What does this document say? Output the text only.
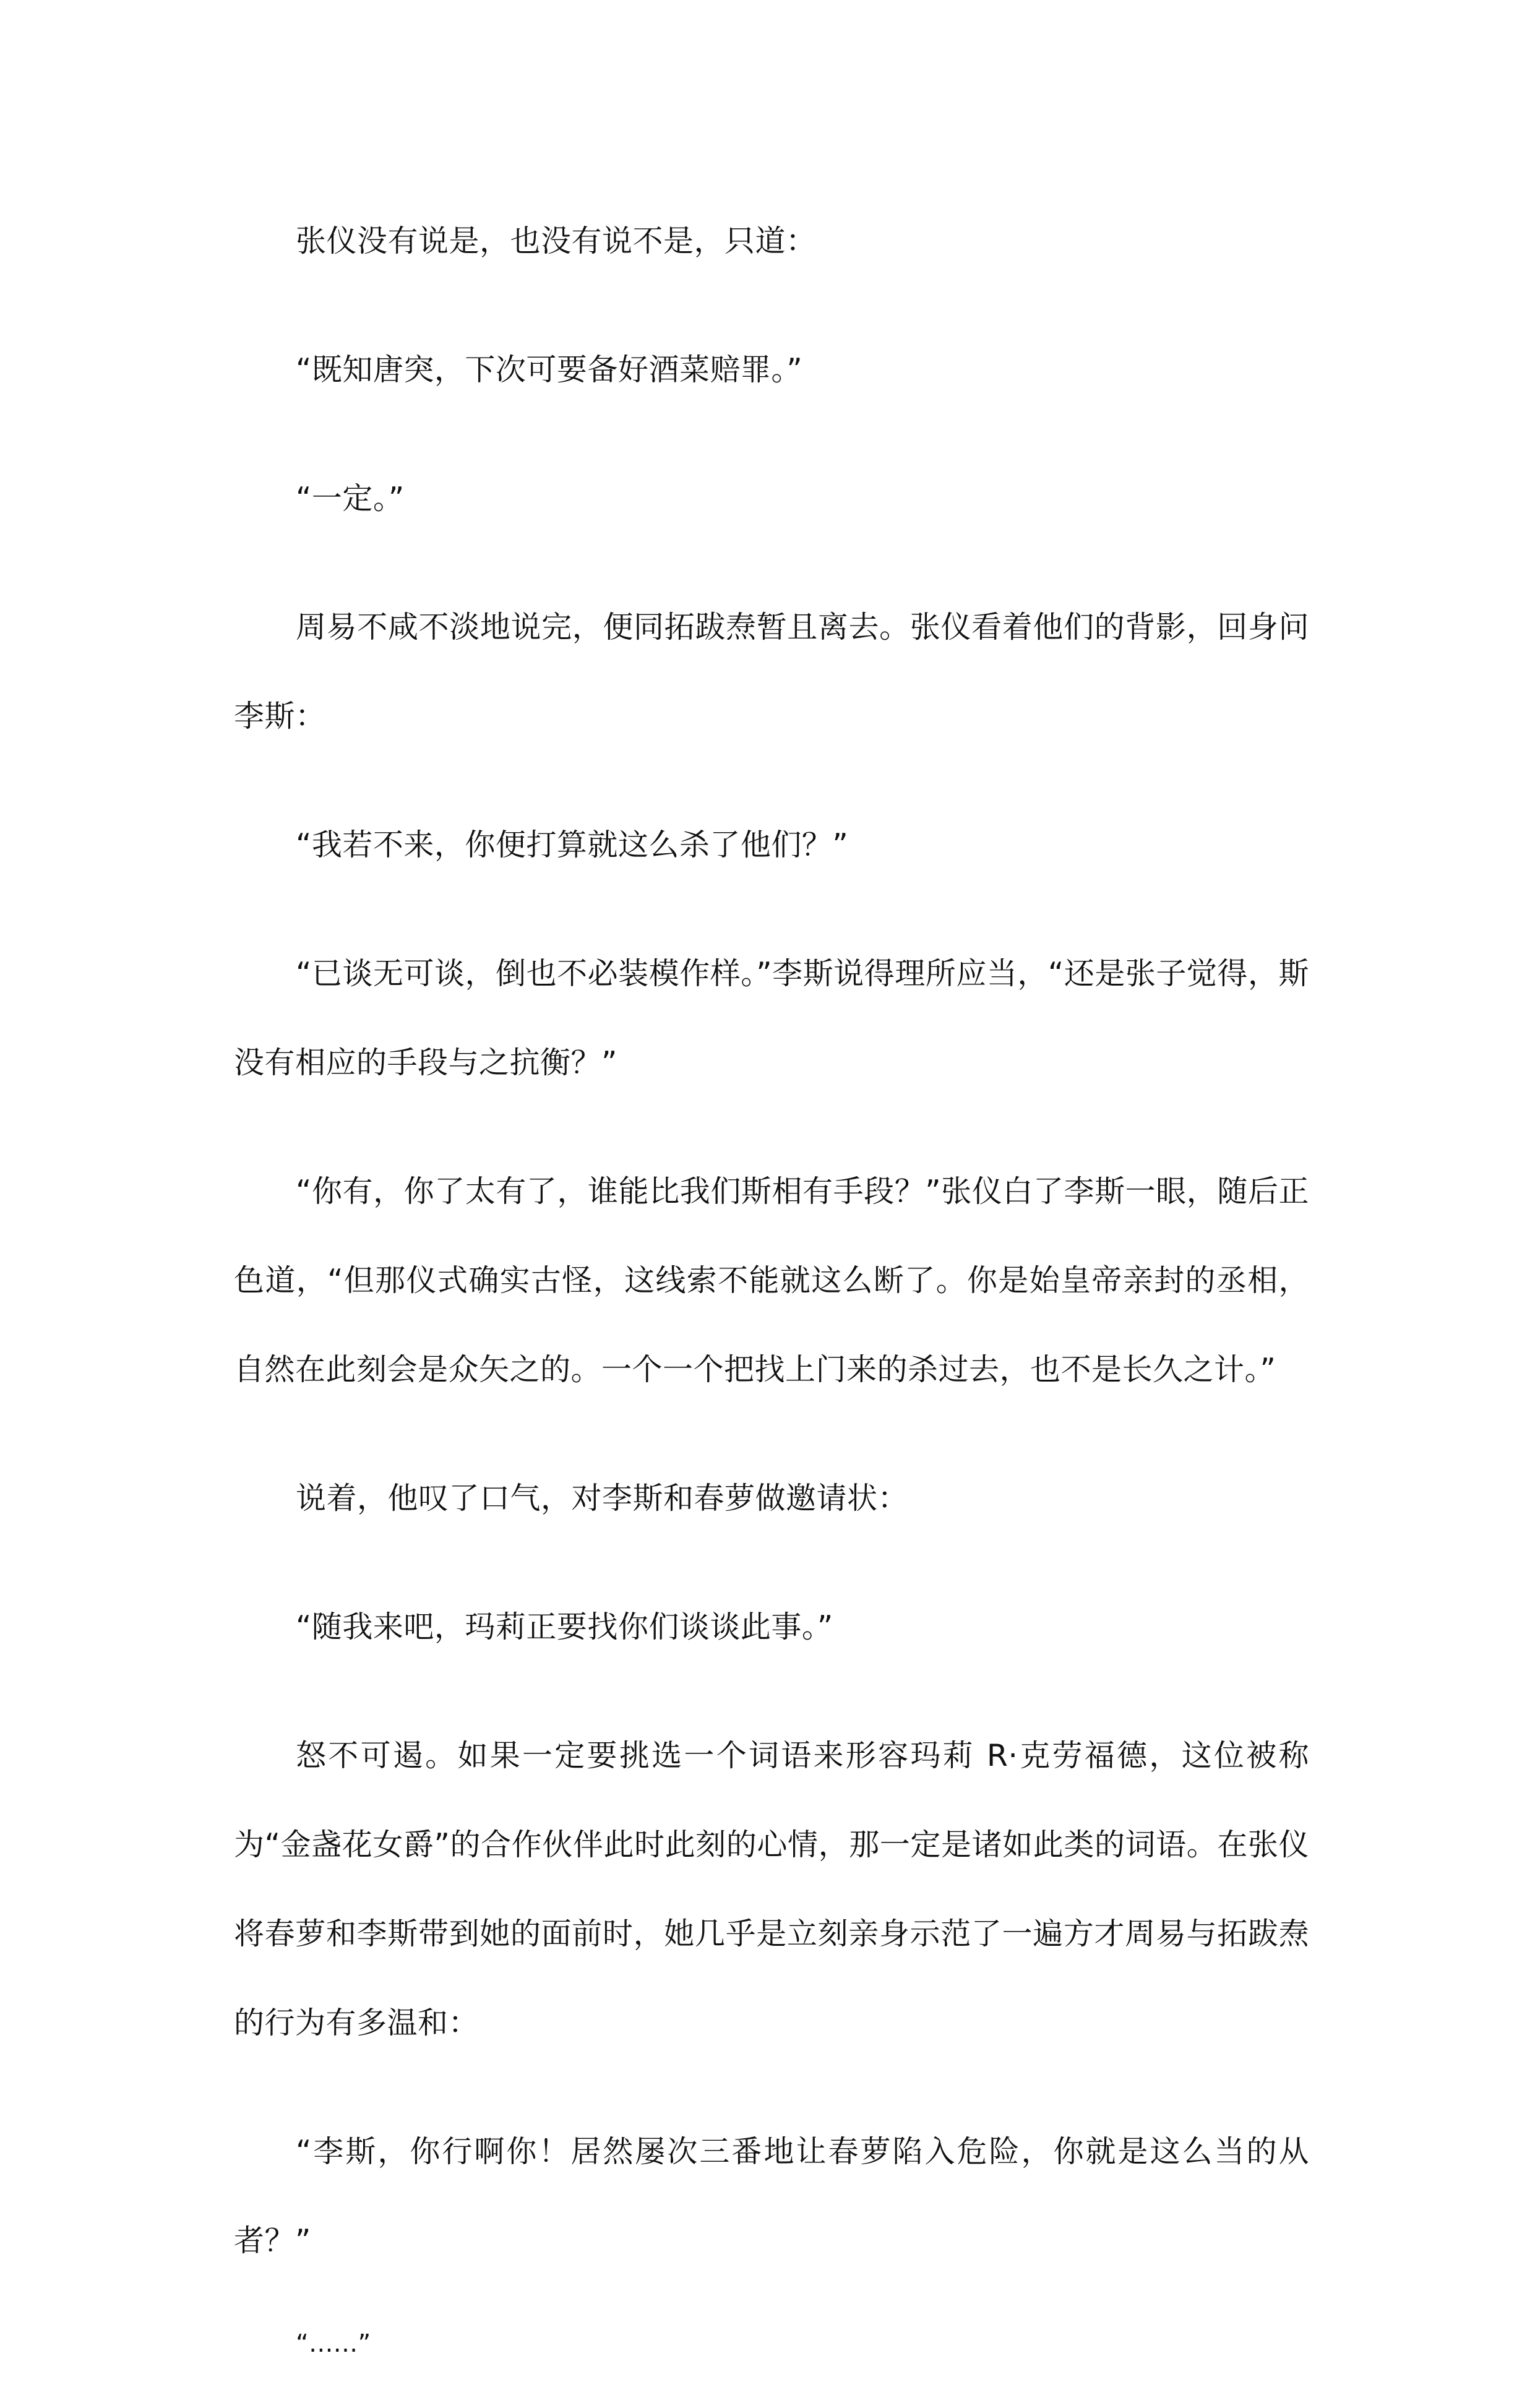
张仪没有说是，也没有说不是，只道：

“既知唐突，下次可要备好酒菜赔罪。”

“一定。”

周易不咸不淡地说完，便同拓跋焘暂且离去。张仪看着他们的背影，回身问李斯：

“我若不来，你便打算就这么杀了他们？”

“已谈无可谈，倒也不必装模作样。”李斯说得理所应当，“还是张子觉得，斯没有相应的手段与之抗衡？”

“你有，你了太有了，谁能比我们斯相有手段？”张仪白了李斯一眼，随后正色道，“但那仪式确实古怪，这线索不能就这么断了。你是始皇帝亲封的丞相，自然在此刻会是众矢之的。一个一个把找上门来的杀过去，也不是长久之计。”

说着，他叹了口气，对李斯和春萝做邀请状：

“随我来吧，玛莉正要找你们谈谈此事。”

怒不可遏。如果一定要挑选一个词语来形容玛莉 R·克劳福德，这位被称为“金盏花女爵”的合作伙伴此时此刻的心情，那一定是诸如此类的词语。在张仪将春萝和李斯带到她的面前时，她几乎是立刻亲身示范了一遍方才周易与拓跋焘的行为有多温和：

“李斯，你行啊你！居然屡次三番地让春萝陷入危险，你就是这么当的从者？”

“......”
